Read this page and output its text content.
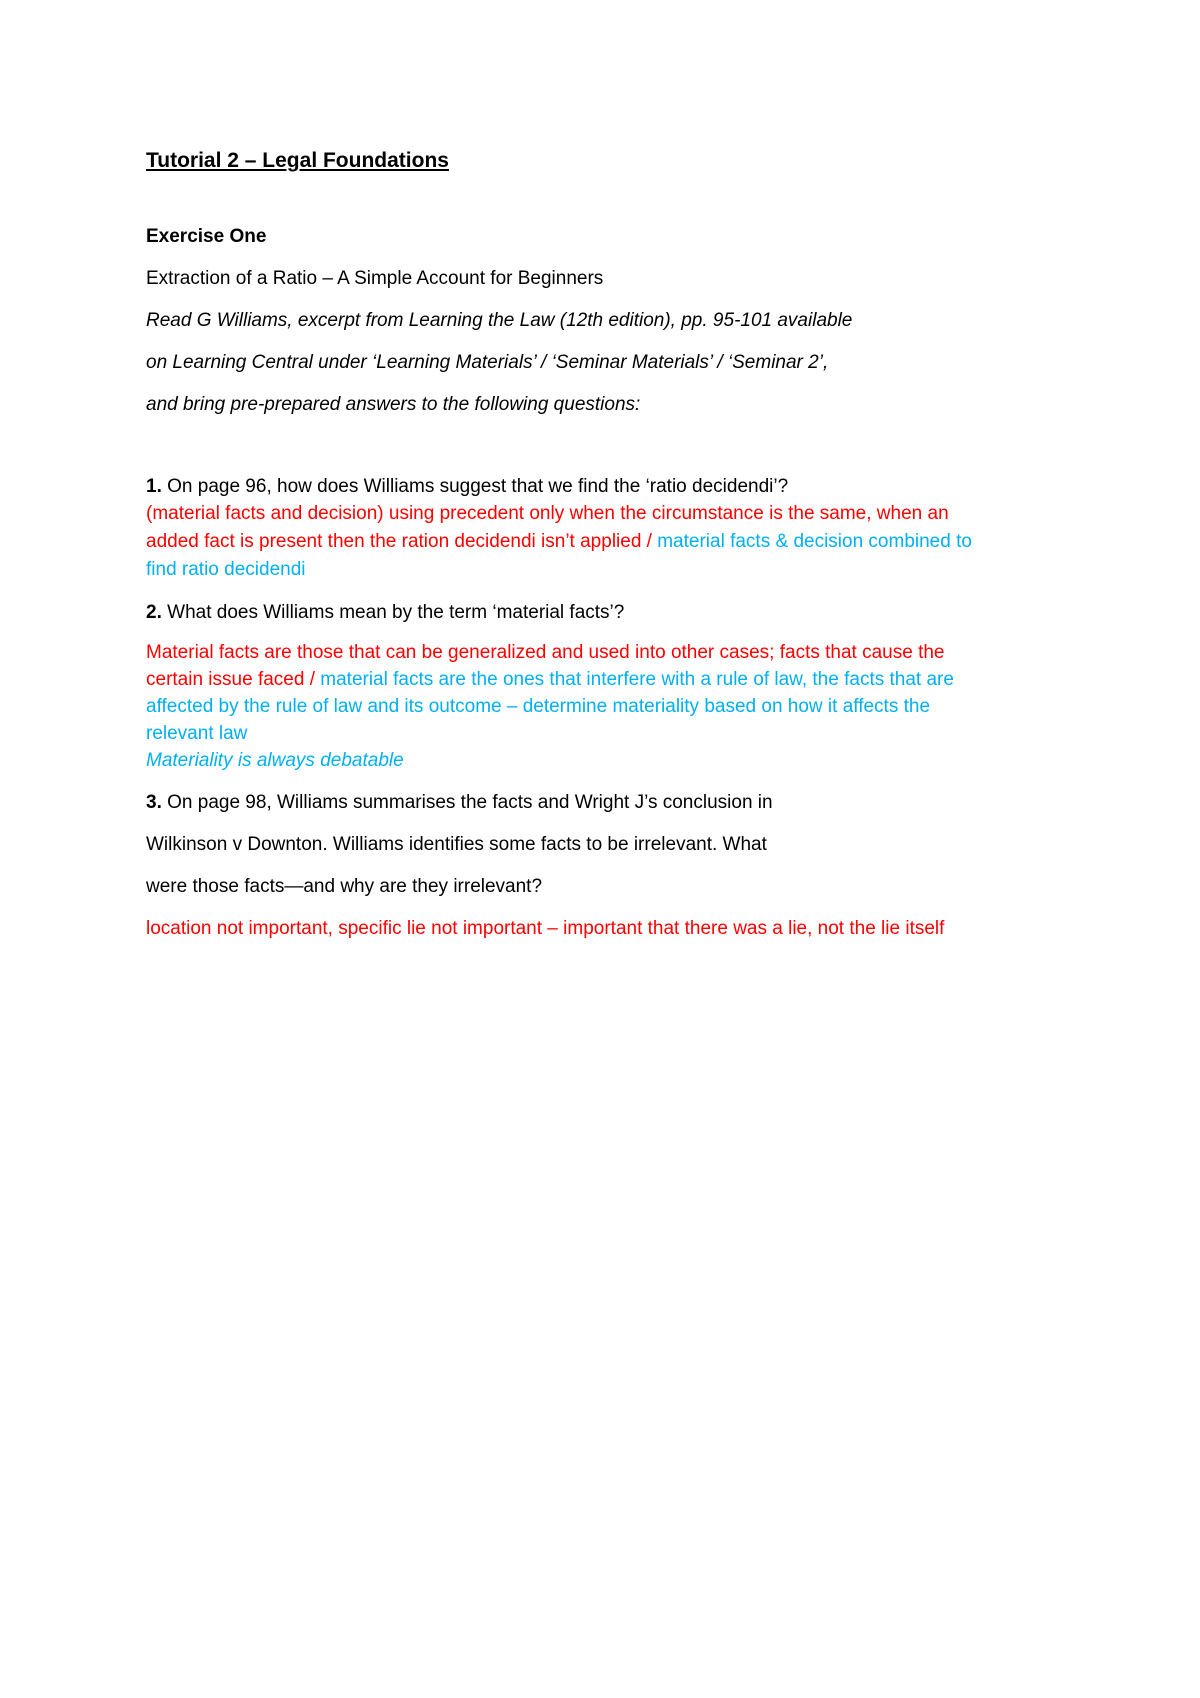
Tutorial 2 – Legal Foundations
Exercise One
Extraction of a Ratio – A Simple Account for Beginners
Read G Williams, excerpt from Learning the Law (12th edition), pp. 95-101 available
on Learning Central under ‘Learning Materials’ / ‘Seminar Materials’ / ‘Seminar 2’,
and bring pre-prepared answers to the following questions:
1. On page 96, how does Williams suggest that we find the ‘ratio decidendi’?
(material facts and decision) using precedent only when the circumstance is the same, when an
added fact is present then the ration decidendi isn’t applied / material facts & decision combined to
find ratio decidendi
2. What does Williams mean by the term ‘material facts’?
Material facts are those that can be generalized and used into other cases; facts that cause the
certain issue faced / material facts are the ones that interfere with a rule of law, the facts that are
affected by the rule of law and its outcome – determine materiality based on how it affects the
relevant law
Materiality is always debatable
3. On page 98, Williams summarises the facts and Wright J’s conclusion in
Wilkinson v Downton. Williams identifies some facts to be irrelevant. What
were those facts—and why are they irrelevant?
location not important, specific lie not important – important that there was a lie, not the lie itself
